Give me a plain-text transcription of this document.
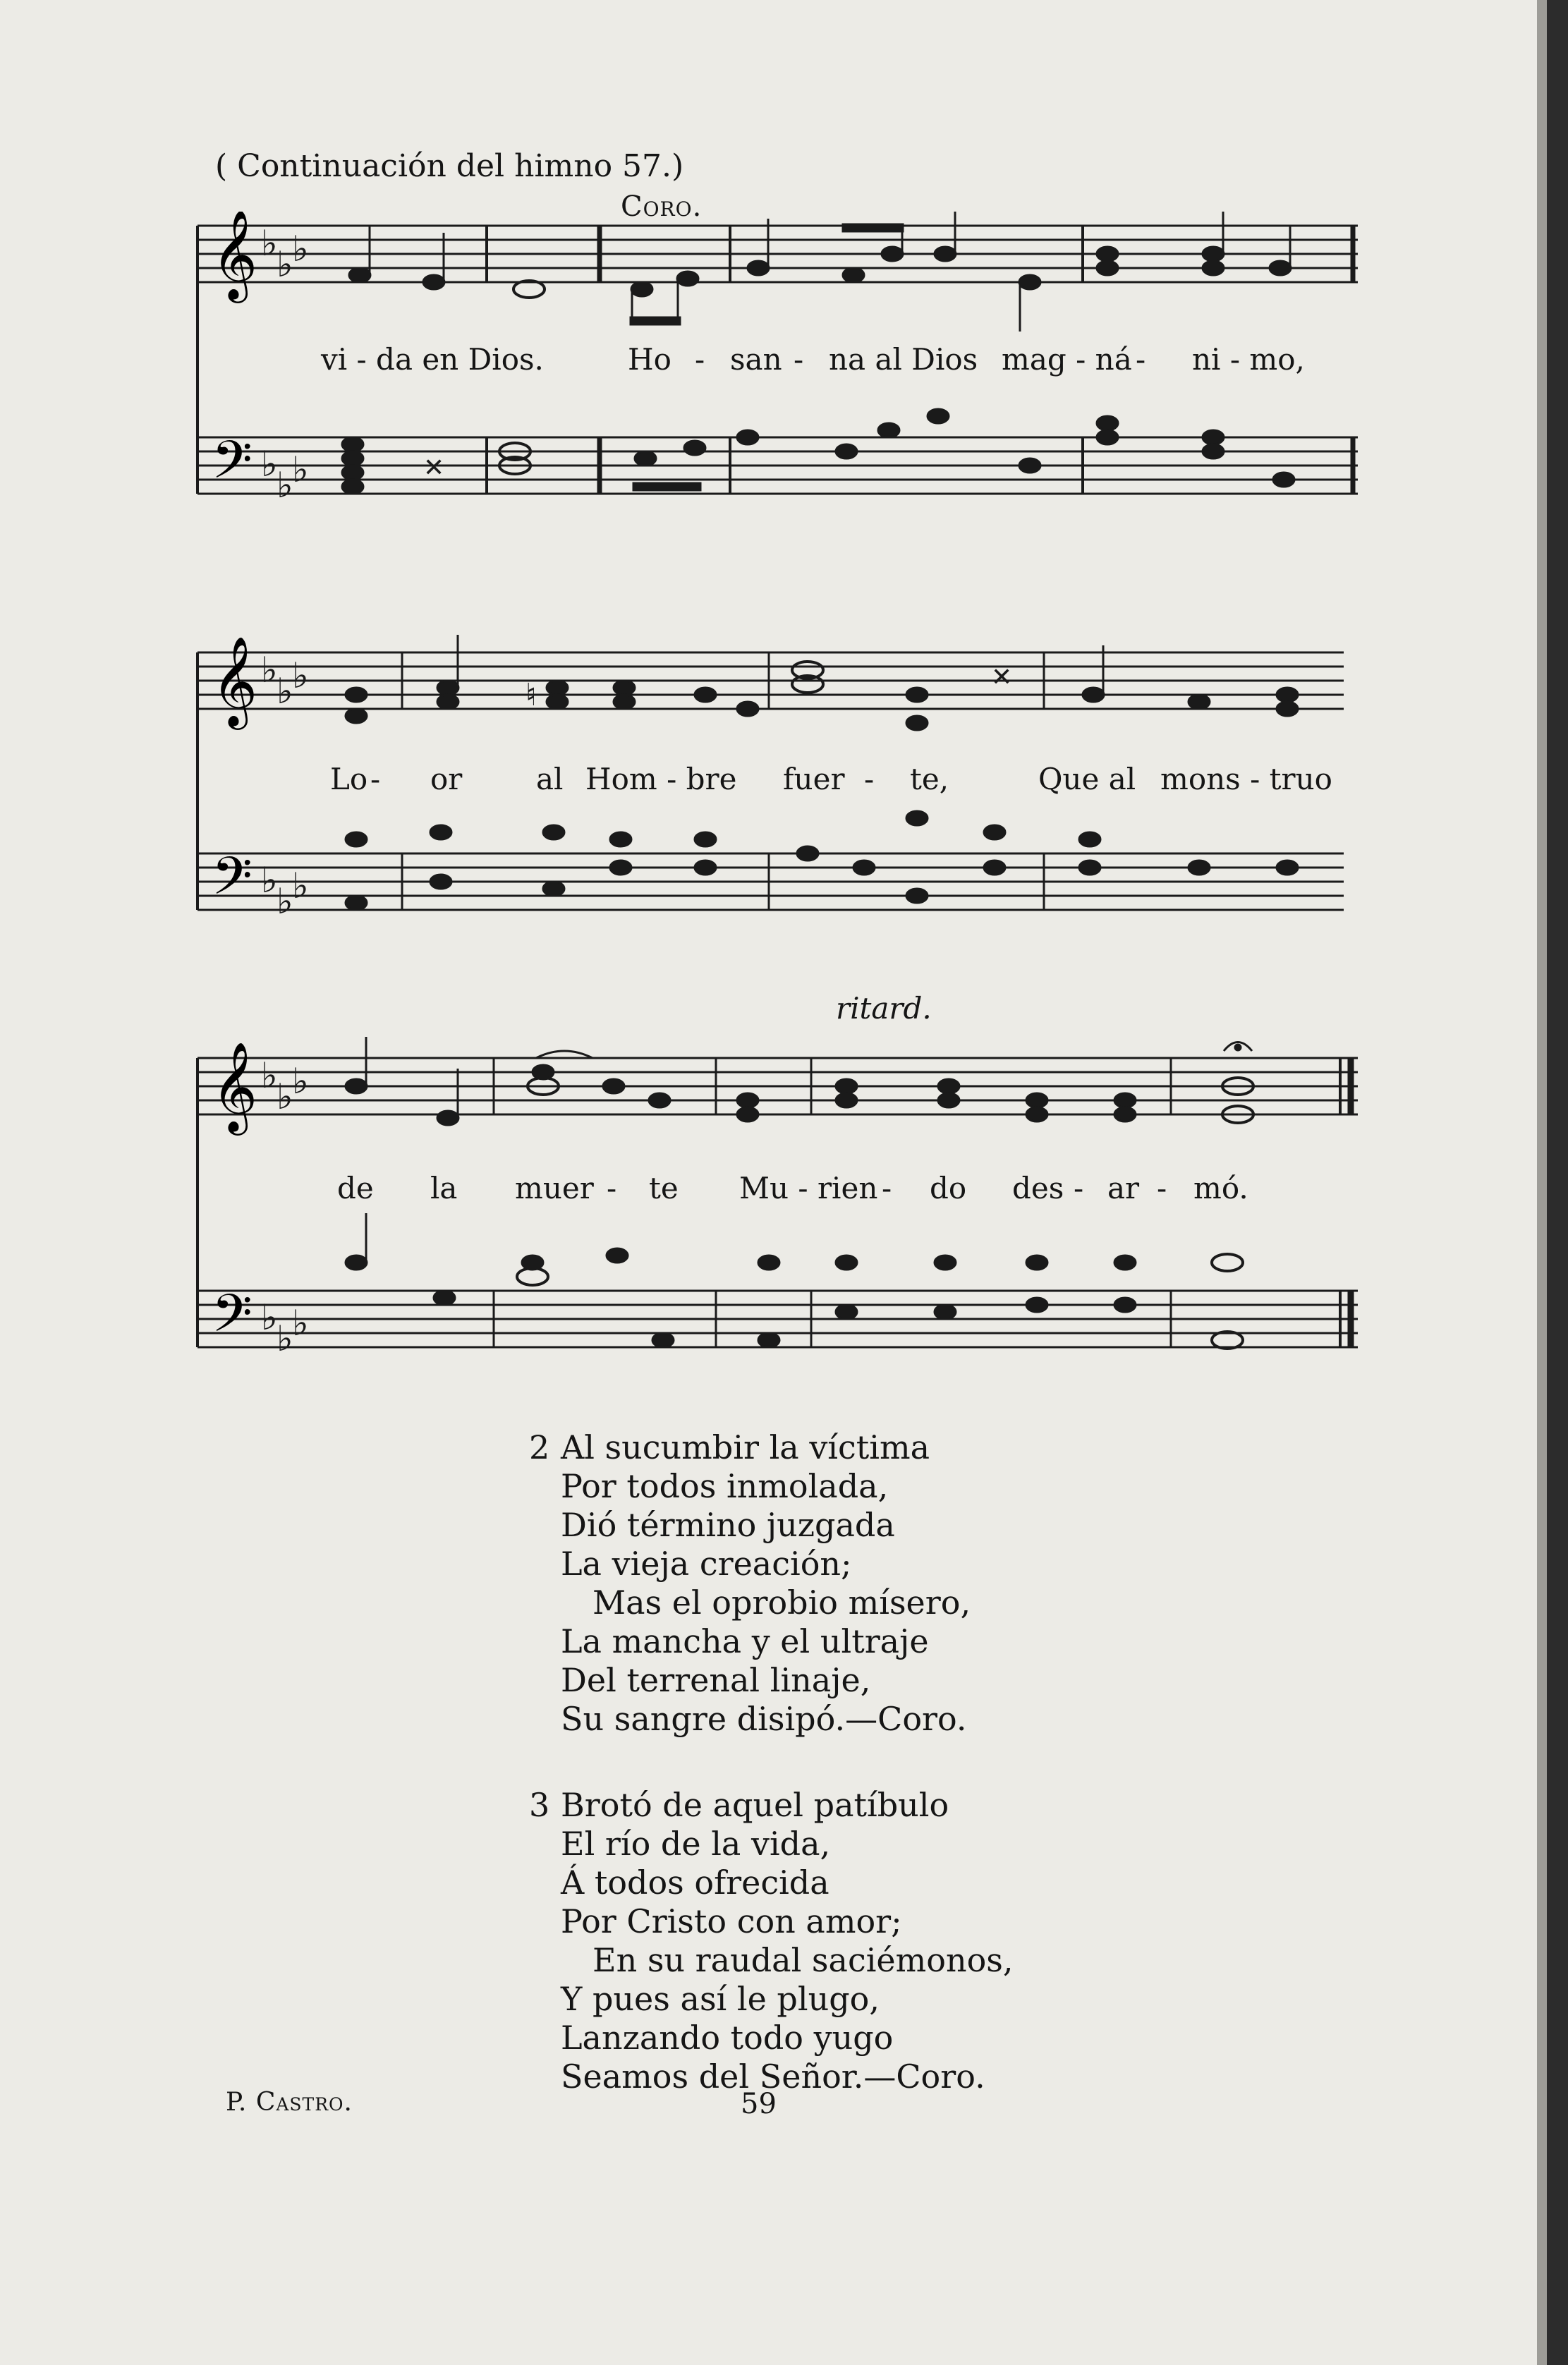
( Continuación del himno 57.)
Coro.
𝄞
𝄢
♭
♭
♭
♭
♭
♭	✕
vi - da en Dios.	Ho - san - na al Dios mag - ná - ni - mo,
𝄞
𝄢
♭
♭
♭
♭
♭
♭
♮	✕
Lo - or al Hom - bre fuer - te,	Que al mons - truo
ritard.
𝄞
𝄢
♭
♭
♭
♭
♭
♭
de la muer - te Mu - rien - do des - ar - mó.
2 Al sucumbir la víctima
Por todos inmolada,
Dió término juzgada
La vieja creación;
Mas el oprobio mísero,
La mancha y el ultraje
Del terrenal linaje,
Su sangre disipó.—Coro.
3 Brotó de aquel patíbulo
El río de la vida,
Á todos ofrecida
Por Cristo con amor;
En su raudal saciémonos,
Y pues así le plugo,
Lanzando todo yugo
Seamos del Señor.—Coro.
P. Castro.	59
